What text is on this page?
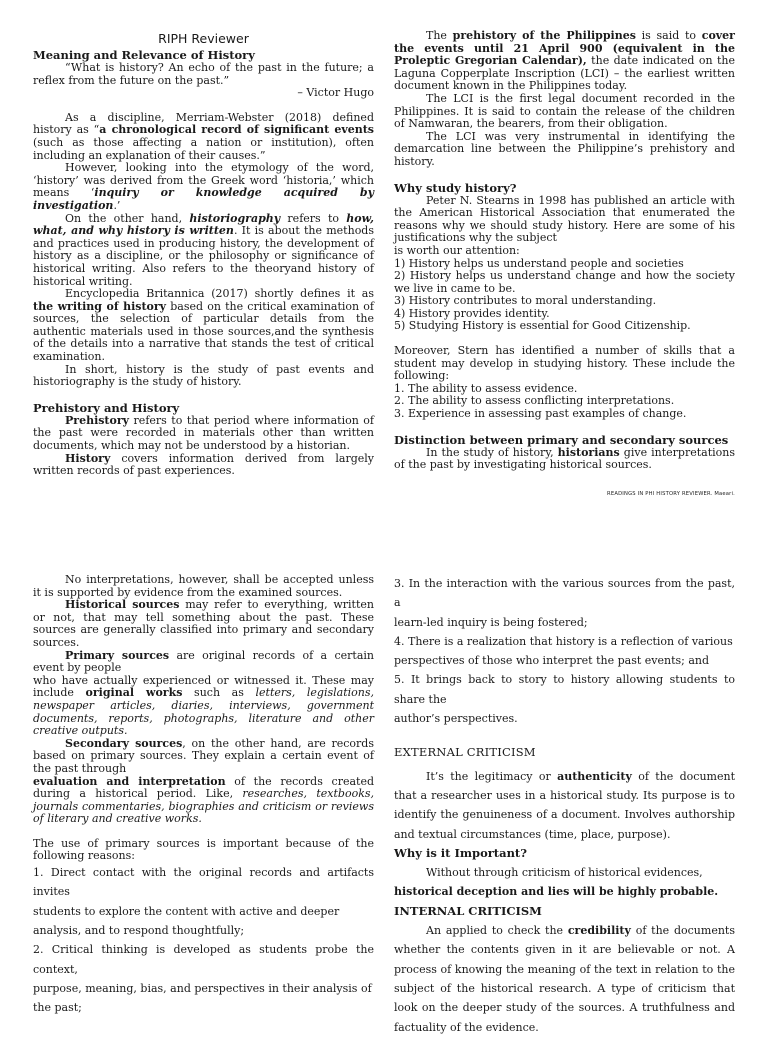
RIPH Reviewer

Meaning and Relevance of History

“What is history? An echo of the past in the future; a reflex from the future on the past.”

– Victor Hugo

As a discipline, Merriam-Webster (2018) defined history as “a chronological record of significant events (such as those affecting a nation or institution), often including an explanation of their causes.”

However, looking into the etymology of the word, ‘history’ was derived from the Greek word ‘historia,’ which means ‘inquiry or knowledge acquired by investigation.’

On the other hand, historiography refers to how, what, and why history is written. It is about the methods and practices used in producing history, the development of history as a discipline, or the philosophy or significance of historical writing. Also refers to the theoryand history of historical writing.

Encyclopedia Britannica (2017) shortly defines it as the writing of history based on the critical examination of sources, the selection of particular details from the authentic materials used in those sources,and the synthesis of the details into a narrative that stands the test of critical examination.

In short, history is the study of past events and historiography is the study of history.

Prehistory and History

Prehistory refers to that period where information of the past were recorded in materials other than written documents, which may not be understood by a historian.

History covers information derived from largely written records of past experiences.

The prehistory of the Philippines is said to cover the events until 21 April 900 (equivalent in the Proleptic Gregorian Calendar), the date indicated on the Laguna Copperplate Inscription (LCI) – the earliest written document known in the Philippines today.

The LCI is the first legal document recorded in the Philippines. It is said to contain the release of the children of Namwaran, the bearers, from their obligation.

The LCI was very instrumental in identifying the demarcation line between the Philippine’s prehistory and history.

Why study history?

Peter N. Stearns in 1998 has published an article with the American Historical Association that enumerated the reasons why we should study history. Here are some of his justifications why the subject

is worth our attention:

1) History helps us understand people and societies

2) History helps us understand change and how the society we live in came to be.

3) History contributes to moral understanding.

4) History provides identity.

5) Studying History is essential for Good Citizenship.

Moreover, Stern has identified a number of skills that a student may develop in studying history. These include the following:

1. The ability to assess evidence.

2. The ability to assess conflicting interpretations.

3. Experience in assessing past examples of change.

Distinction between primary and secondary sources

In the study of history, historians give interpretations of the past by investigating historical sources.

READINGS IN PHI HISTORY REVIEWER. Maeari.

No interpretations, however, shall be accepted unless it is supported by evidence from the examined sources.

Historical sources may refer to everything, written or not, that may tell something about the past. These sources are generally classified into primary and secondary sources.

Primary sources are original records of a certain event by people

who have actually experienced or witnessed it. These may include original works such as letters, legislations, newspaper articles, diaries, interviews, government documents, reports, photographs, literature and other creative outputs.

Secondary sources, on the other hand, are records based on primary sources. They explain a certain event of the past through

evaluation and interpretation of the records created during a historical period. Like, researches, textbooks, journals commentaries, biographies and criticism or reviews of literary and creative works.

The use of primary sources is important because of the following reasons:

1. Direct contact with the original records and artifacts invites

students to explore the content with active and deeper

analysis, and to respond thoughtfully;

2. Critical thinking is developed as students probe the context,

purpose, meaning, bias, and perspectives in their analysis of

the past;

3. In the interaction with the various sources from the past, a

learn-led inquiry is being fostered;

4. There is a realization that history is a reflection of various

perspectives of those who interpret the past events; and

5. It brings back to story to history allowing students to share the

author’s perspectives.

EXTERNAL CRITICISM

It’s the legitimacy or authenticity of the document that a researcher uses in a historical study. Its purpose is to identify the genuineness of a document. Involves authorship and textual circumstances (time, place, purpose).

Why is it Important?

Without through criticism of historical evidences,

historical deception and lies will be highly probable.

INTERNAL CRITICISM

An applied to check the credibility of the documents whether the contents given in it are believable or not. A process of knowing the meaning of the text in relation to the subject of the historical research. A type of criticism that look on the deeper study of the sources. A truthfulness and factuality of the evidence.
